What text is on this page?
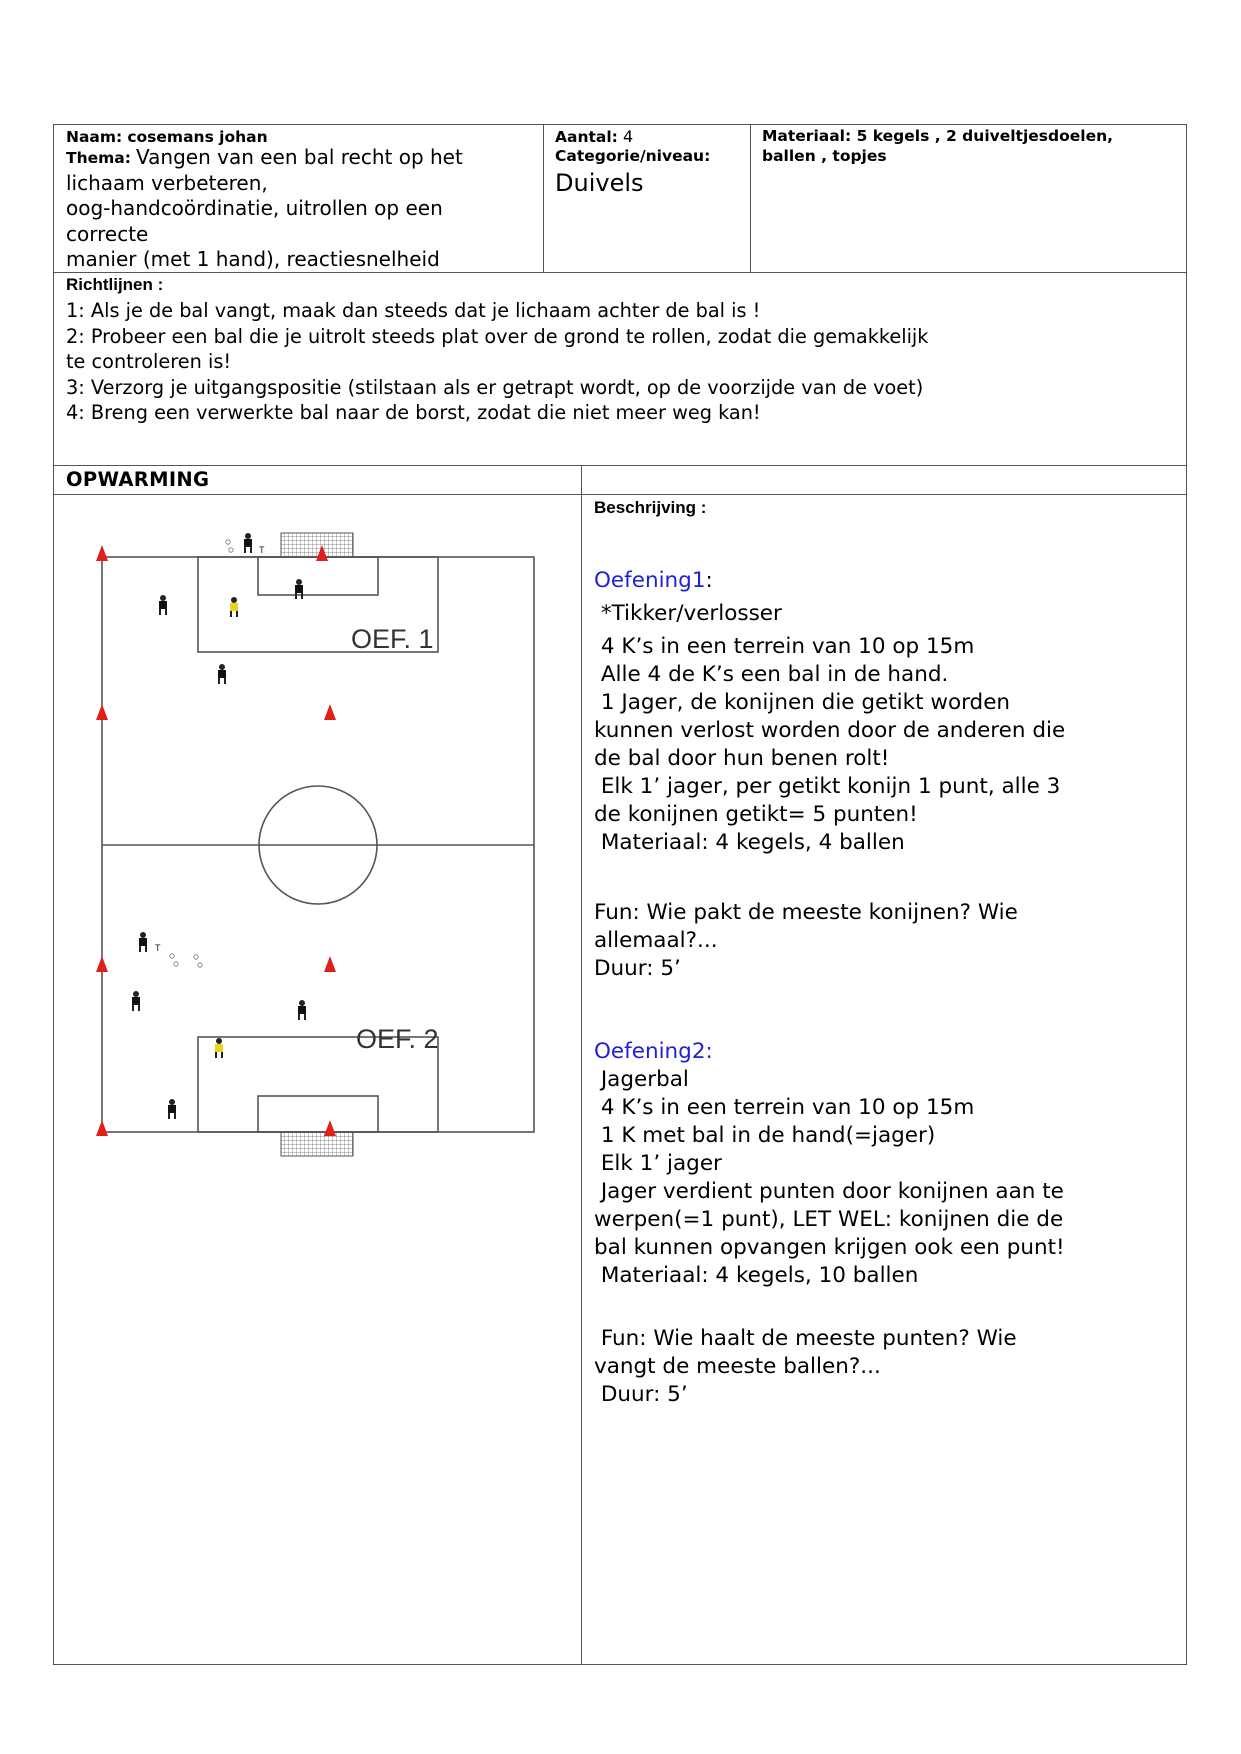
Naam: cosemans johan
Thema: Vangen van een bal recht op het
lichaam verbeteren,
oog-handcoördinatie, uitrollen op een
correcte
manier (met 1 hand), reactiesnelheid
Aantal: 4
Categorie/niveau:
Duivels
Materiaal: 5 kegels , 2 duiveltjesdoelen,
ballen , topjes
Richtlijnen :
1: Als je de bal vangt, maak dan steeds dat je lichaam achter de bal is !
2: Probeer een bal die je uitrolt steeds plat over de grond te rollen, zodat die gemakkelijk
te controleren is!
3: Verzorg je uitgangspositie (stilstaan als er getrapt wordt, op de voorzijde van de voet)
4: Breng een verwerkte bal naar de borst, zodat die niet meer weg kan!
OPWARMING
Beschrijving :
Oefening1:
*Tikker/verlosser
4 K’s in een terrein van 10 op 15m
Alle 4 de K’s een bal in de hand.
1 Jager, de konijnen die getikt worden
kunnen verlost worden door de anderen die
de bal door hun benen rolt!
Elk 1’ jager, per getikt konijn 1 punt, alle 3
de konijnen getikt= 5 punten!
Materiaal: 4 kegels, 4 ballen
Fun: Wie pakt de meeste konijnen? Wie
allemaal?...
Duur: 5’
Oefening2:
Jagerbal
4 K’s in een terrein van 10 op 15m
1 K met bal in de hand(=jager)
Elk 1’ jager
Jager verdient punten door konijnen aan te
werpen(=1 punt), LET WEL: konijnen die de
bal kunnen opvangen krijgen ook een punt!
Materiaal: 4 kegels, 10 ballen
Fun: Wie haalt de meeste punten? Wie
vangt de meeste ballen?...
Duur: 5’
OEF. 1
OEF. 2
T
T
